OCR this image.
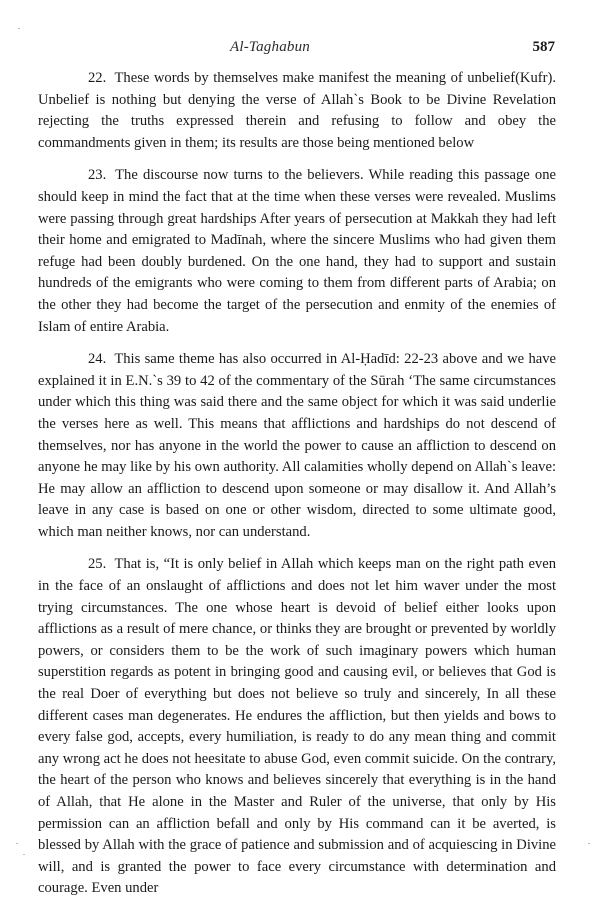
Al-Taghabun	587

22. These words by themselves make manifest the meaning of unbelief(Kufr). Unbelief is nothing but denying the verse of Allah`s Book to be Divine Revelation rejecting the truths expressed therein and refusing to follow and obey the commandments given in them; its results are those being mentioned below

23. The discourse now turns to the believers. While reading this passage one should keep in mind the fact that at the time when these verses were revealed. Muslims were passing through great hardships After years of persecution at Makkah they had left their home and emigrated to Madīnah, where the sincere Muslims who had given them refuge had been doubly burdened. On the one hand, they had to support and sustain hundreds of the emigrants who were coming to them from different parts of Arabia; on the other they had become the target of the persecution and enmity of the enemies of Islam of entire Arabia.

24. This same theme has also occurred in Al-Ḥadīd: 22-23 above and we have explained it in E.N.`s 39 to 42 of the commentary of the Sūrah ‘The same circumstances under which this thing was said there and the same object for which it was said underlie the verses here as well. This means that afflictions and hardships do not descend of themselves, nor has anyone in the world the power to cause an affliction to descend on anyone he may like by his own authority. All calamities wholly depend on Allah`s leave: He may allow an affliction to descend upon someone or may disallow it. And Allah’s leave in any case is based on one or other wisdom, directed to some ultimate good, which man neither knows, nor can understand.

25. That is, “It is only belief in Allah which keeps man on the right path even in the face of an onslaught of afflictions and does not let him waver under the most trying circumstances. The one whose heart is devoid of belief either looks upon afflictions as a result of mere chance, or thinks they are brought or prevented by worldly powers, or considers them to be the work of such imaginary powers which human superstition regards as potent in bringing good and causing evil, or believes that God is the real Doer of everything but does not believe so truly and sincerely, In all these different cases man degenerates. He endures the affliction, but then yields and bows to every false god, accepts, every humiliation, is ready to do any mean thing and commit any wrong act he does not heesitate to abuse God, even commit suicide. On the contrary, the heart of the person who knows and believes sincerely that everything is in the hand of Allah, that He alone in the Master and Ruler of the universe, that only by His permission can an affliction befall and only by His command can it be averted, is blessed by Allah with the grace of patience and submission and of acquiescing in Divine will, and is granted the power to face every circumstance with determination and courage. Even under
